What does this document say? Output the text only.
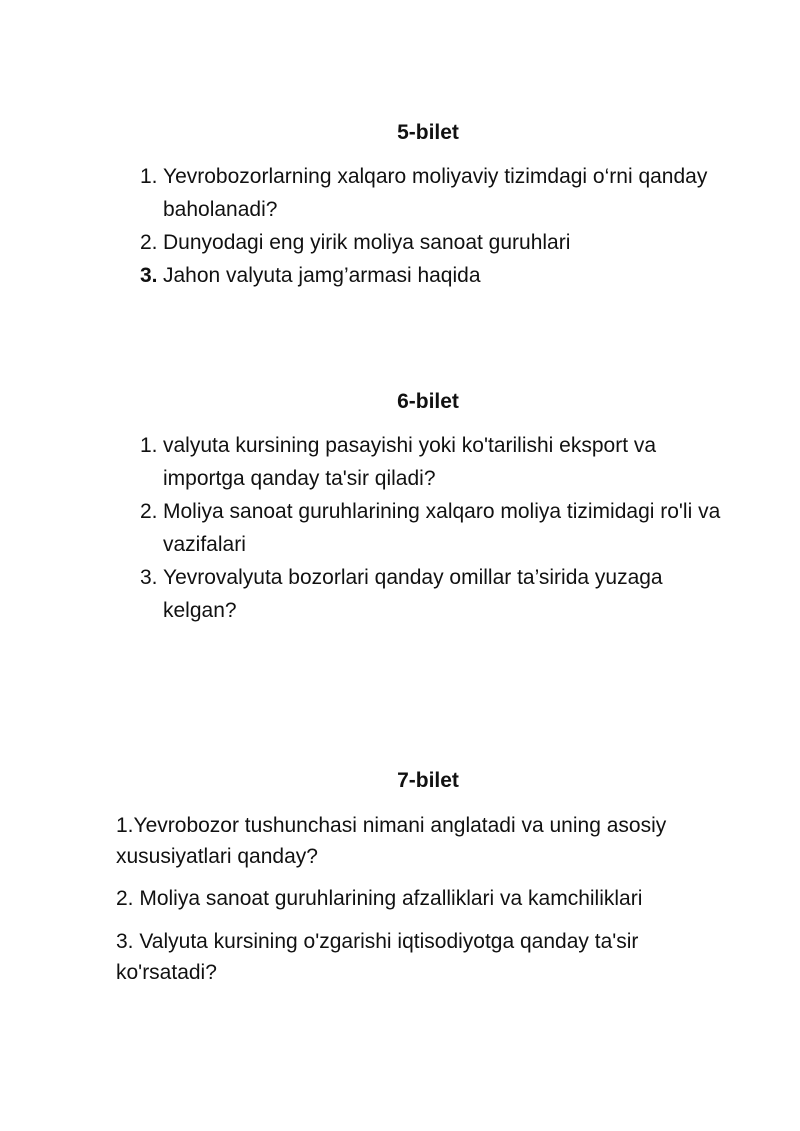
5-bilet
1. Yevrobozorlarning xalqaro moliyaviy tizimdagi o‘rni qanday baholanadi?
2. Dunyodagi eng yirik moliya sanoat guruhlari
3. Jahon valyuta jamg’armasi haqida
6-bilet
1. valyuta kursining pasayishi yoki ko'tarilishi eksport va importga qanday ta'sir qiladi?
2. Moliya sanoat guruhlarining xalqaro moliya tizimidagi ro'li va vazifalari
3. Yevrovalyuta bozorlari qanday omillar ta’sirida yuzaga kelgan?
7-bilet

1.Yevrobozor tushunchasi nimani anglatadi va uning asosiy xususiyatlari qanday?

2. Moliya sanoat guruhlarining afzalliklari va kamchiliklari

3. Valyuta kursining o'zgarishi iqtisodiyotga qanday ta'sir ko'rsatadi?
